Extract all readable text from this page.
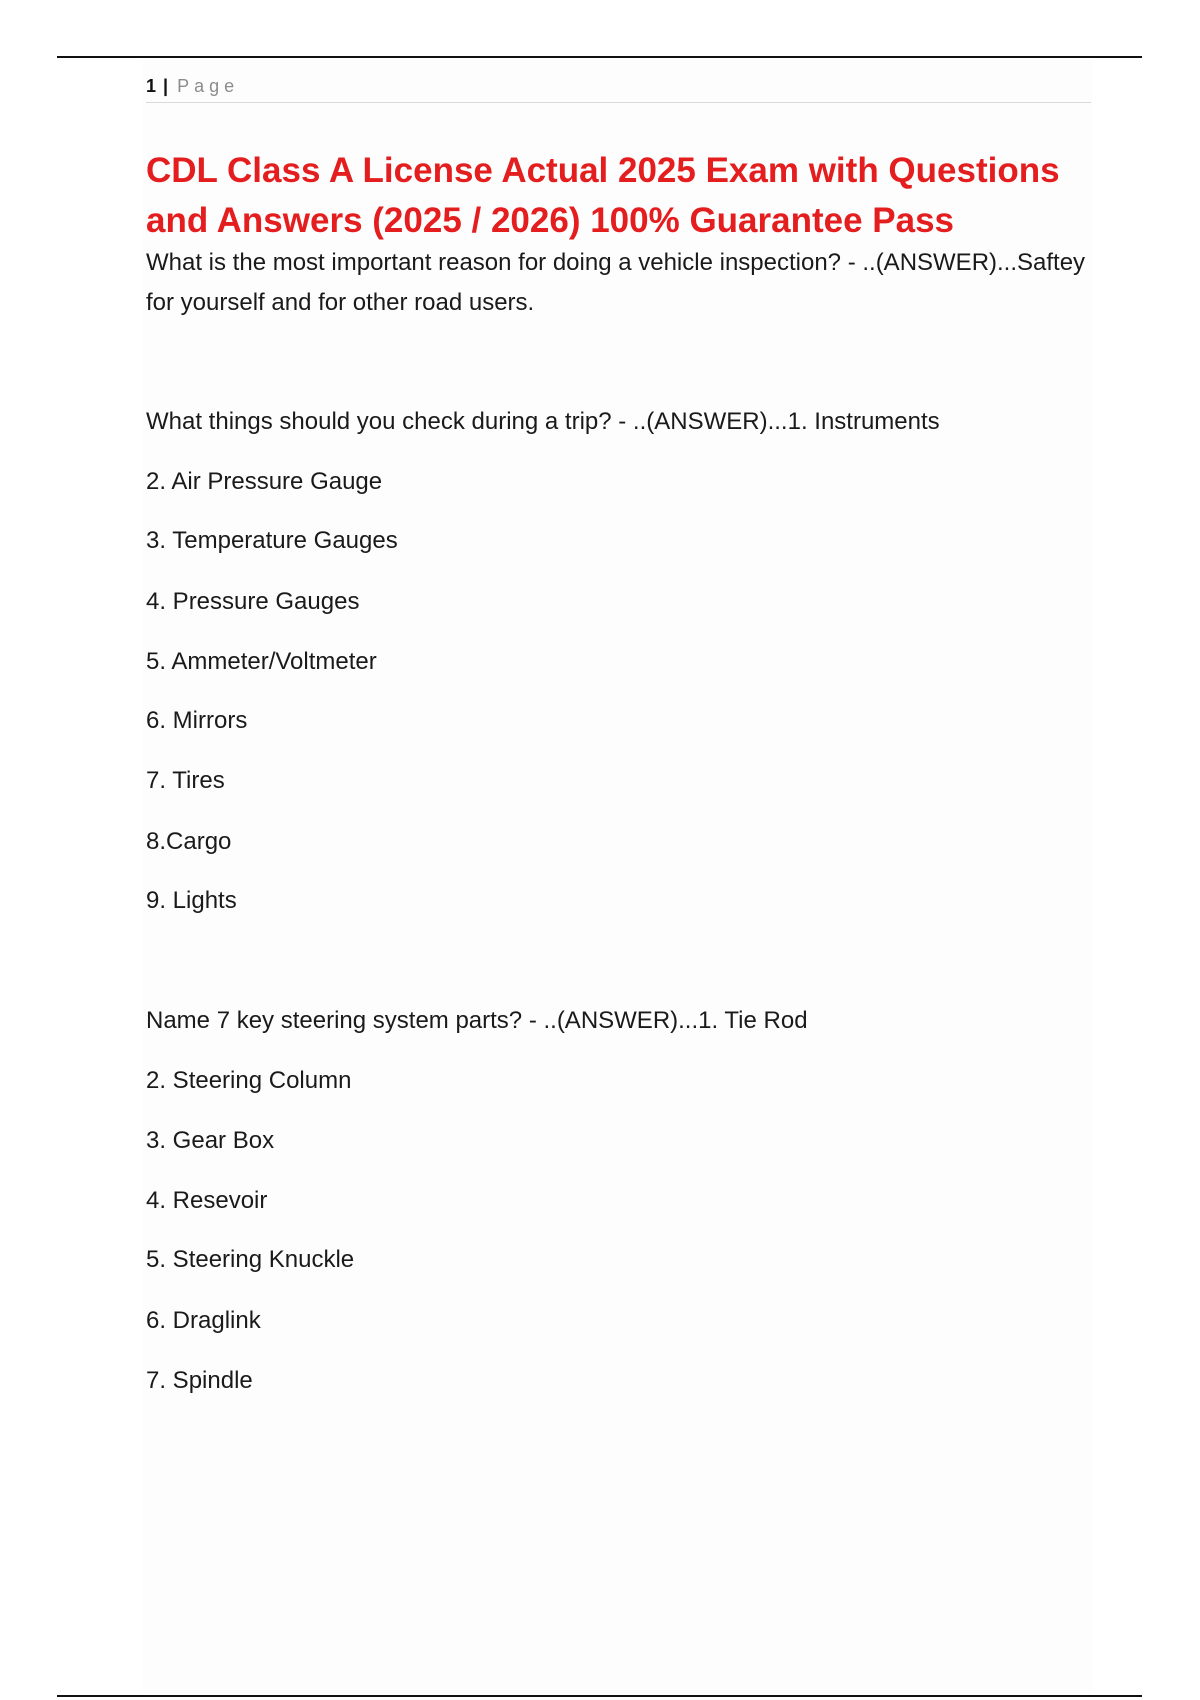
1 | Page
CDL Class A License Actual 2025 Exam with Questions and Answers (2025 / 2026) 100% Guarantee Pass

What is the most important reason for doing a vehicle inspection? - ..(ANSWER)...Saftey for yourself and for other road users.

What things should you check during a trip? - ..(ANSWER)...1. Instruments

2. Air Pressure Gauge

3. Temperature Gauges

4. Pressure Gauges

5. Ammeter/Voltmeter

6. Mirrors

7. Tires

8.Cargo

9. Lights

Name 7 key steering system parts? - ..(ANSWER)...1. Tie Rod

2. Steering Column

3. Gear Box

4. Resevoir

5. Steering Knuckle

6. Draglink

7. Spindle
